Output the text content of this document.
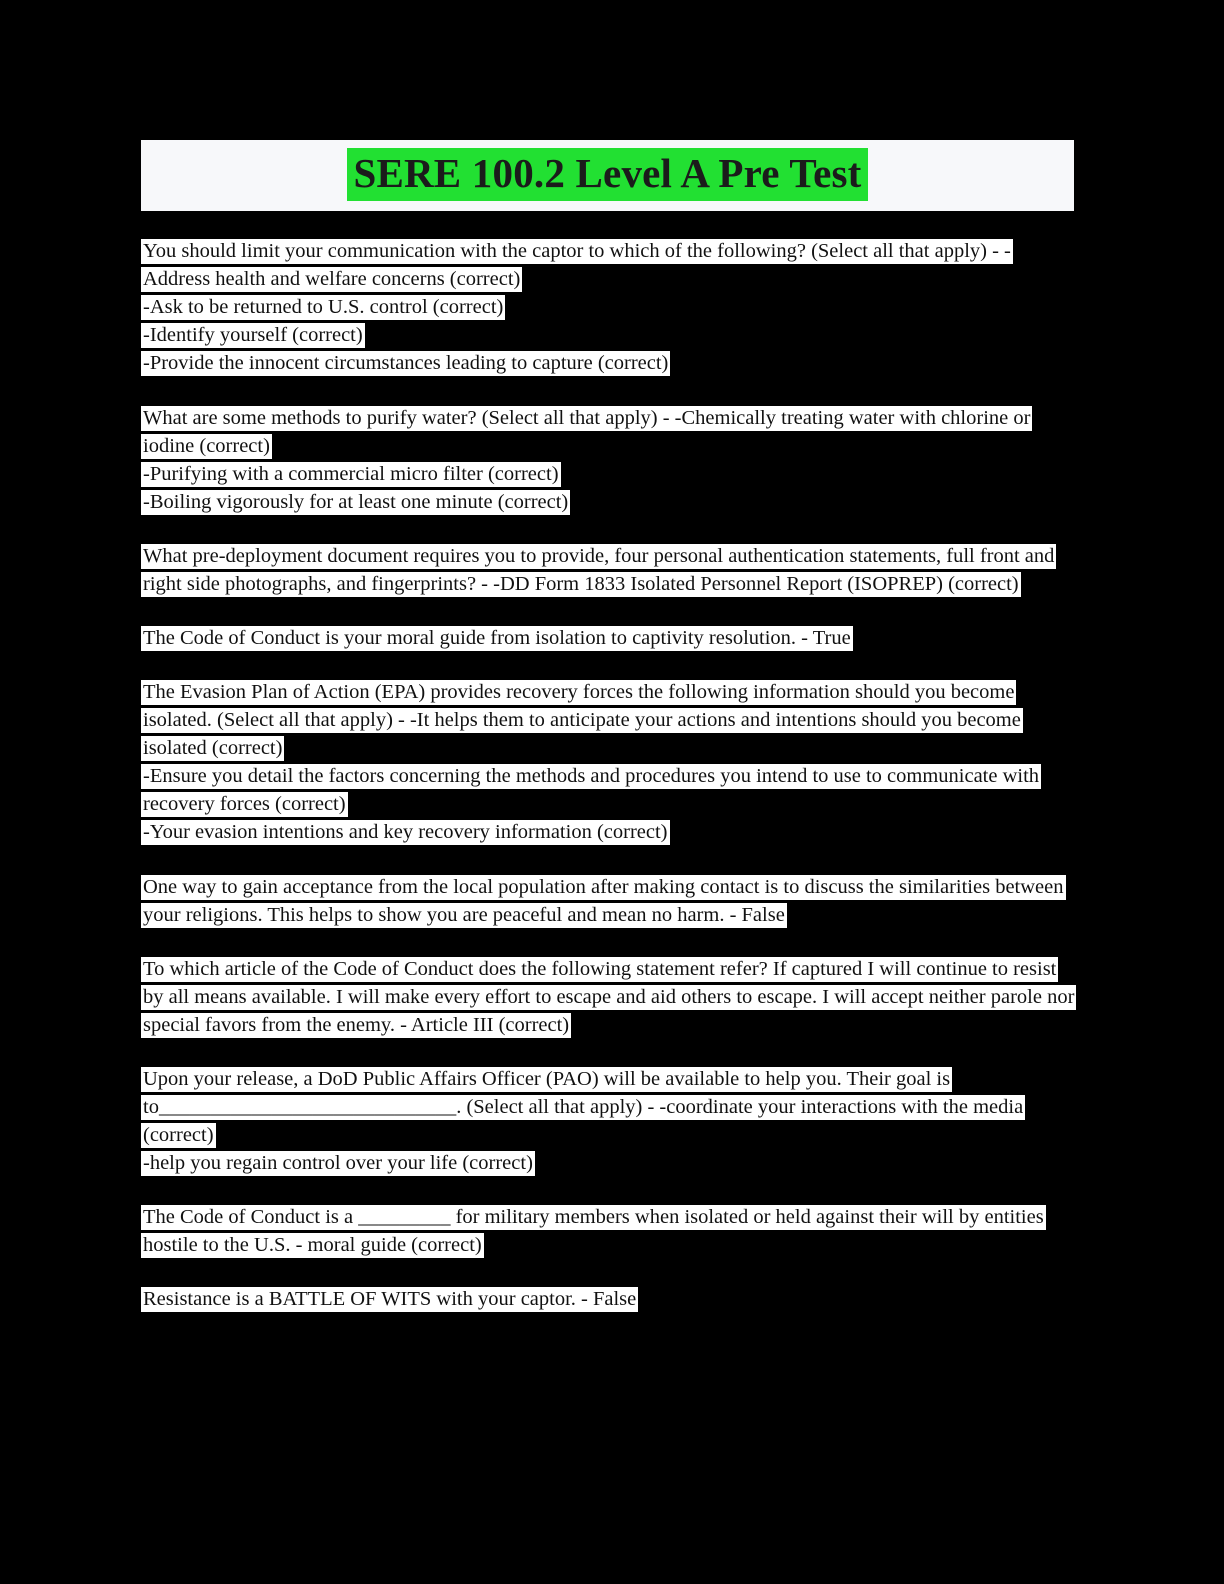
SERE 100.2 Level A Pre Test
You should limit your communication with the captor to which of the following? (Select all that apply) - -Address health and welfare concerns (correct)
-Ask to be returned to U.S. control (correct)
-Identify yourself (correct)
-Provide the innocent circumstances leading to capture (correct)
What are some methods to purify water? (Select all that apply) - -Chemically treating water with chlorine or iodine (correct)
-Purifying with a commercial micro filter (correct)
-Boiling vigorously for at least one minute (correct)
What pre-deployment document requires you to provide, four personal authentication statements, full front and right side photographs, and fingerprints? - -DD Form 1833 Isolated Personnel Report (ISOPREP) (correct)
The Code of Conduct is your moral guide from isolation to captivity resolution. - True
The Evasion Plan of Action (EPA) provides recovery forces the following information should you become isolated. (Select all that apply) - -It helps them to anticipate your actions and intentions should you become isolated (correct)
-Ensure you detail the factors concerning the methods and procedures you intend to use to communicate with recovery forces (correct)
-Your evasion intentions and key recovery information (correct)
One way to gain acceptance from the local population after making contact is to discuss the similarities between your religions. This helps to show you are peaceful and mean no harm. - False
To which article of the Code of Conduct does the following statement refer? If captured I will continue to resist by all means available. I will make every effort to escape and aid others to escape. I will accept neither parole nor special favors from the enemy. - Article III (correct)
Upon your release, a DoD Public Affairs Officer (PAO) will be available to help you. Their goal is to_____________________________. (Select all that apply) - -coordinate your interactions with the media (correct)
-help you regain control over your life (correct)
The Code of Conduct is a _________ for military members when isolated or held against their will by entities hostile to the U.S. - moral guide (correct)
Resistance is a BATTLE OF WITS with your captor. - False
